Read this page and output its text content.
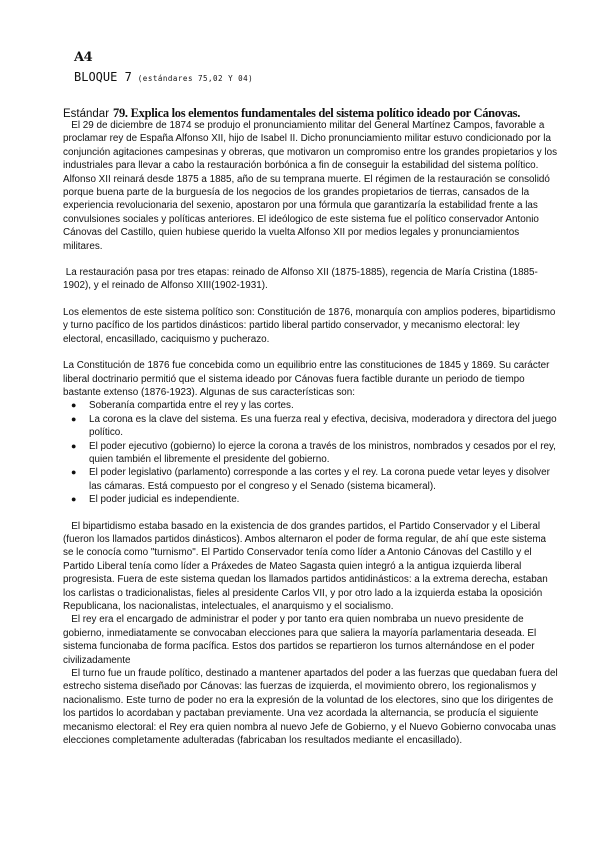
A4
BLOQUE 7 (estándares 75,02 Y 04)
Estándar 79. Explica los elementos fundamentales del sistema político ideado por Cánovas.

El 29 de diciembre de 1874 se produjo el pronunciamiento militar del General Martínez Campos, favorable a proclamar rey de España Alfonso XII, hijo de Isabel II. Dicho pronunciamiento militar estuvo condicionado por la conjunción agitaciones campesinas y obreras, que motivaron un compromiso entre los grandes propietarios y los industriales para llevar a cabo la restauración borbónica a fin de conseguir la estabilidad del sistema político. Alfonso XII reinará desde 1875 a 1885, año de su temprana muerte. El régimen de la restauración se consolidó porque buena parte de la burguesía de los negocios de los grandes propietarios de tierras, cansados de la experiencia revolucionaria del sexenio, apostaron por una fórmula que garantizaría la estabilidad frente a las convulsiones sociales y políticas anteriores. El ideólogico de este sistema fue el político conservador Antonio Cánovas del Castillo, quien hubiese querido la vuelta Alfonso XII por medios legales y pronunciamientos militares.

La restauración pasa por tres etapas: reinado de Alfonso XII (1875-1885), regencia de María Cristina (1885-1902), y el reinado de Alfonso XIII(1902-1931).

Los elementos de este sistema político son: Constitución de 1876, monarquía con amplios poderes, bipartidismo y turno pacífico de los partidos dinásticos: partido liberal partido conservador, y mecanismo electoral: ley electoral, encasillado, caciquismo y pucherazo.

La Constitución de 1876 fue concebida como un equilibrio entre las constituciones de 1845 y 1869. Su carácter liberal doctrinario permitió que el sistema ideado por Cánovas fuera factible durante un periodo de tiempo bastante extenso (1876-1923). Algunas de sus características son:

● Soberanía compartida entre el rey y las cortes.
● La corona es la clave del sistema. Es una fuerza real y efectiva, decisiva, moderadora y directora del juego político.
● El poder ejecutivo (gobierno) lo ejerce la corona a través de los ministros, nombrados y cesados por el rey, quien también el libremente el presidente del gobierno.
● El poder legislativo (parlamento) corresponde a las cortes y el rey. La corona puede vetar leyes y disolver las cámaras. Está compuesto por el congreso y el Senado (sistema bicameral).
● El poder judicial es independiente.

El bipartidismo estaba basado en la existencia de dos grandes partidos, el Partido Conservador y el Liberal (fueron los llamados partidos dinásticos). Ambos alternaron el poder de forma regular, de ahí que este sistema se le conocía como "turnismo". El Partido Conservador tenía como líder a Antonio Cánovas del Castillo y el Partido Liberal tenía como líder a Práxedes de Mateo Sagasta quien integró a la antigua izquierda liberal progresista. Fuera de este sistema quedan los llamados partidos antidinásticos: a la extrema derecha, estaban los carlistas o tradicionalistas, fieles al presidente Carlos VII, y por otro lado a la izquierda estaba la oposición Republicana, los nacionalistas, intelectuales, el anarquismo y el socialismo.

El rey era el encargado de administrar el poder y por tanto era quien nombraba un nuevo presidente de gobierno, inmediatamente se convocaban elecciones para que saliera la mayoría parlamentaria deseada. El sistema funcionaba de forma pacífica. Estos dos partidos se repartieron los turnos alternándose en el poder civilizadamente

El turno fue un fraude político, destinado a mantener apartados del poder a las fuerzas que quedaban fuera del estrecho sistema diseñado por Cánovas: las fuerzas de izquierda, el movimiento obrero, los regionalismos y nacionalismo. Este turno de poder no era la expresión de la voluntad de los electores, sino que los dirigentes de los partidos lo acordaban y pactaban previamente. Una vez acordada la alternancia, se producía el siguiente mecanismo electoral: el Rey era quien nombra al nuevo Jefe de Gobierno, y el Nuevo Gobierno convocaba unas elecciones completamente adulteradas (fabricaban los resultados mediante el encasillado).
